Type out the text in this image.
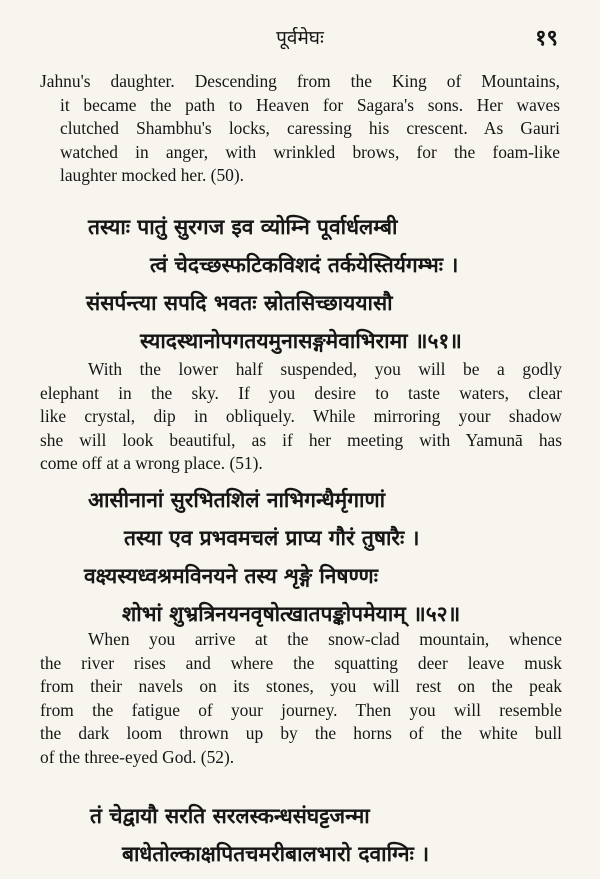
पूर्वमेघः	१९
Jahnu's daughter. Descending from the King of Mountains,
it became the path to Heaven for Sagara's sons. Her waves
clutched Shambhu's locks, caressing his crescent. As Gauri
watched in anger, with wrinkled brows, for the foam-like
laughter mocked her. (50).
तस्याः पातुं सुरगज इव व्योम्नि पूर्वार्धलम्बी
त्वं चेदच्छस्फटिकविशदं तर्कयेस्तिर्यगम्भः ।
संसर्पन्त्या सपदि भवतः स्रोतसिच्छाययासौ
स्यादस्थानोपगतयमुनासङ्गमेवाभिरामा ॥५१॥
With the lower half suspended, you will be a godly
elephant in the sky. If you desire to taste waters, clear
like crystal, dip in obliquely. While mirroring your shadow
she will look beautiful, as if her meeting with Yamunā has
come off at a wrong place. (51).
आसीनानां सुरभितशिलं नाभिगन्धैर्मृगाणां
तस्या एव प्रभवमचलं प्राप्य गौरं तुषारैः ।
वक्ष्यस्यध्वश्रमविनयने तस्य शृङ्गे निषण्णः
शोभां शुभ्रत्रिनयनवृषोत्खातपङ्कोपमेयाम् ॥५२॥
When you arrive at the snow-clad mountain, whence
the river rises and where the squatting deer leave musk
from their navels on its stones, you will rest on the peak
from the fatigue of your journey. Then you will resemble
the dark loom thrown up by the horns of the white bull
of the three-eyed God. (52).
तं चेद्वायौ सरति सरलस्कन्धसंघट्टजन्मा
बाधेतोल्काक्षपितचमरीबालभारो दवाग्निः ।
